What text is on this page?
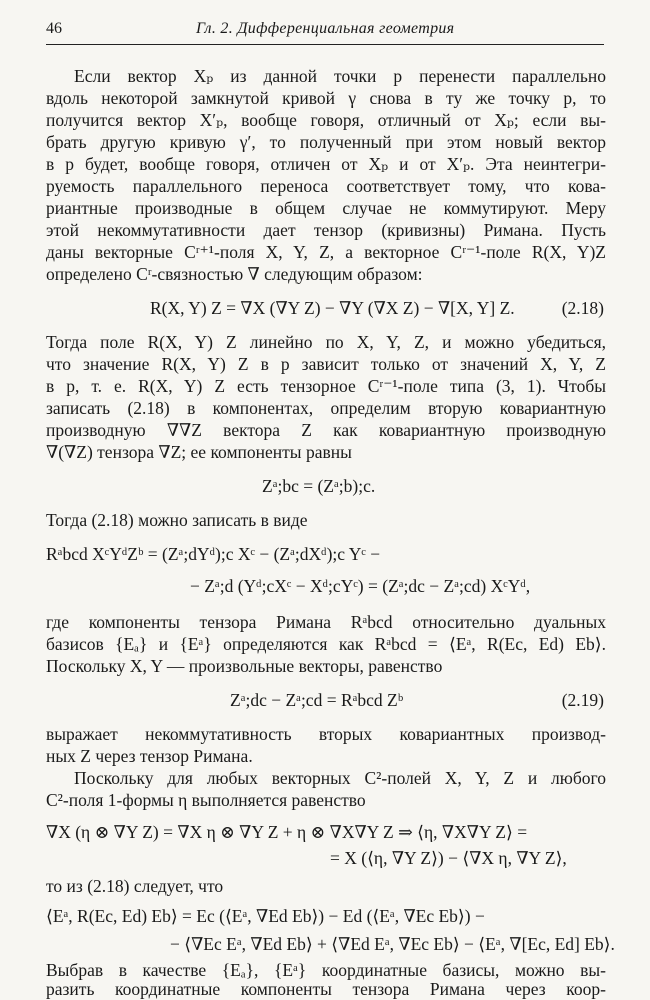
46	Гл. 2. Дифференциальная геометрия
Если вектор Xₚ из данной точки p перенести параллельно
вдоль некоторой замкнутой кривой γ снова в ту же точку p, то
получится вектор X′ₚ, вообще говоря, отличный от Xₚ; если вы-
брать другую кривую γ′, то полученный при этом новый вектор
в p будет, вообще говоря, отличен от Xₚ и от X′ₚ. Эта неинтегри-
руемость параллельного переноса соответствует тому, что кова-
риантные производные в общем случае не коммутируют. Меру
этой некоммутативности дает тензор (кривизны) Римана. Пусть
даны векторные Cʳ⁺¹-поля X, Y, Z, а векторное Cʳ⁻¹-поле R(X, Y)Z
определено Cʳ-связностью ∇ следующим образом:
R(X, Y) Z = ∇X (∇Y Z) − ∇Y (∇X Z) − ∇[X, Y] Z.	(2.18)
Тогда поле R(X, Y) Z линейно по X, Y, Z, и можно убедиться,
что значение R(X, Y) Z в p зависит только от значений X, Y, Z
в p, т. е. R(X, Y) Z есть тензорное Cʳ⁻¹-поле типа (3, 1). Чтобы
записать (2.18) в компонентах, определим вторую ковариантную
производную ∇∇Z вектора Z как ковариантную производную
∇(∇Z) тензора ∇Z; ее компоненты равны
Zᵃ;bc = (Zᵃ;b);c.
Тогда (2.18) можно записать в виде
Rᵃbcd XᶜYᵈZᵇ = (Zᵃ;dYᵈ);c Xᶜ − (Zᵃ;dXᵈ);c Yᶜ −
− Zᵃ;d (Yᵈ;cXᶜ − Xᵈ;cYᶜ) = (Zᵃ;dc − Zᵃ;cd) XᶜYᵈ,
где компоненты тензора Римана Rᵃbcd относительно дуальных
базисов {Eₐ} и {Eᵃ} определяются как Rᵃbcd = ⟨Eᵃ, R(Ec, Ed) Eb⟩.
Поскольку X, Y — произвольные векторы, равенство
Zᵃ;dc − Zᵃ;cd = Rᵃbcd Zᵇ	(2.19)
выражает некоммутативность вторых ковариантных производ-
ных Z через тензор Римана.
Поскольку для любых векторных C²-полей X, Y, Z и любого
C²-поля 1-формы η выполняется равенство
∇X (η ⊗ ∇Y Z) = ∇X η ⊗ ∇Y Z + η ⊗ ∇X∇Y Z ⇒ ⟨η, ∇X∇Y Z⟩ =
= X (⟨η, ∇Y Z⟩) − ⟨∇X η, ∇Y Z⟩,
то из (2.18) следует, что
⟨Eᵃ, R(Ec, Ed) Eb⟩ = Ec (⟨Eᵃ, ∇Ed Eb⟩) − Ed (⟨Eᵃ, ∇Ec Eb⟩) −
− ⟨∇Ec Eᵃ, ∇Ed Eb⟩ + ⟨∇Ed Eᵃ, ∇Ec Eb⟩ − ⟨Eᵃ, ∇[Ec, Ed] Eb⟩.
Выбрав в качестве {Eₐ}, {Eᵃ} координатные базисы, можно вы-
разить координатные компоненты тензора Римана через коор-
